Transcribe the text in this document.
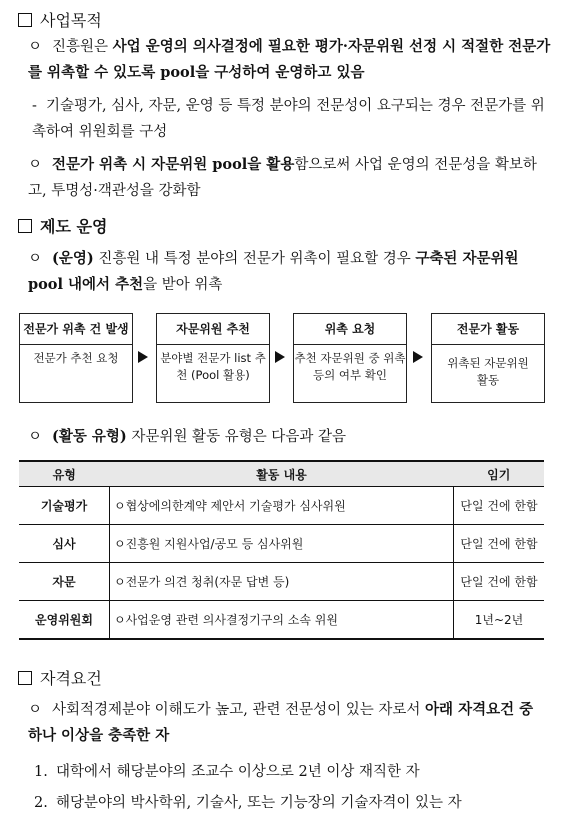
사업목적
ㅇ 진흥원은 사업 운영의 의사결정에 필요한 평가·자문위원 선정 시 적절한 전문가를 위촉할 수 있도록 pool을 구성하여 운영하고 있음
- 기술평가, 심사, 자문, 운영 등 특정 분야의 전문성이 요구되는 경우 전문가를 위촉하여 위원회를 구성
ㅇ 전문가 위촉 시 자문위원 pool을 활용함으로써 사업 운영의 전문성을 확보하고, 투명성·객관성을 강화함
제도 운영
ㅇ (운영) 진흥원 내 특정 분야의 전문가 위촉이 필요할 경우 구축된 자문위원 pool 내에서 추천을 받아 위촉
전문가 위촉 건 발생
전문가 추천 요청
자문위원 추천
분야별 전문가 list 추천 (Pool 활용)
위촉 요청
추천 자문위원 중 위촉 등의 여부 확인
전문가 활동
위촉된 자문위원 활동
ㅇ (활동 유형) 자문위원 활동 유형은 다음과 같음
유형	활동 내용	임기
기술평가	ㅇ협상에의한계약 제안서 기술평가 심사위원	단일 건에 한함
심사	ㅇ진흥원 지원사업/공모 등 심사위원	단일 건에 한함
자문	ㅇ전문가 의견 청취(자문 답변 등)	단일 건에 한함
운영위원회	ㅇ사업운영 관련 의사결정기구의 소속 위원	1년~2년
자격요건
ㅇ 사회적경제분야 이해도가 높고, 관련 전문성이 있는 자로서 아래 자격요건 중 하나 이상을 충족한 자
1. 대학에서 해당분야의 조교수 이상으로 2년 이상 재직한 자
2. 해당분야의 박사학위, 기술사, 또는 기능장의 기술자격이 있는 자
